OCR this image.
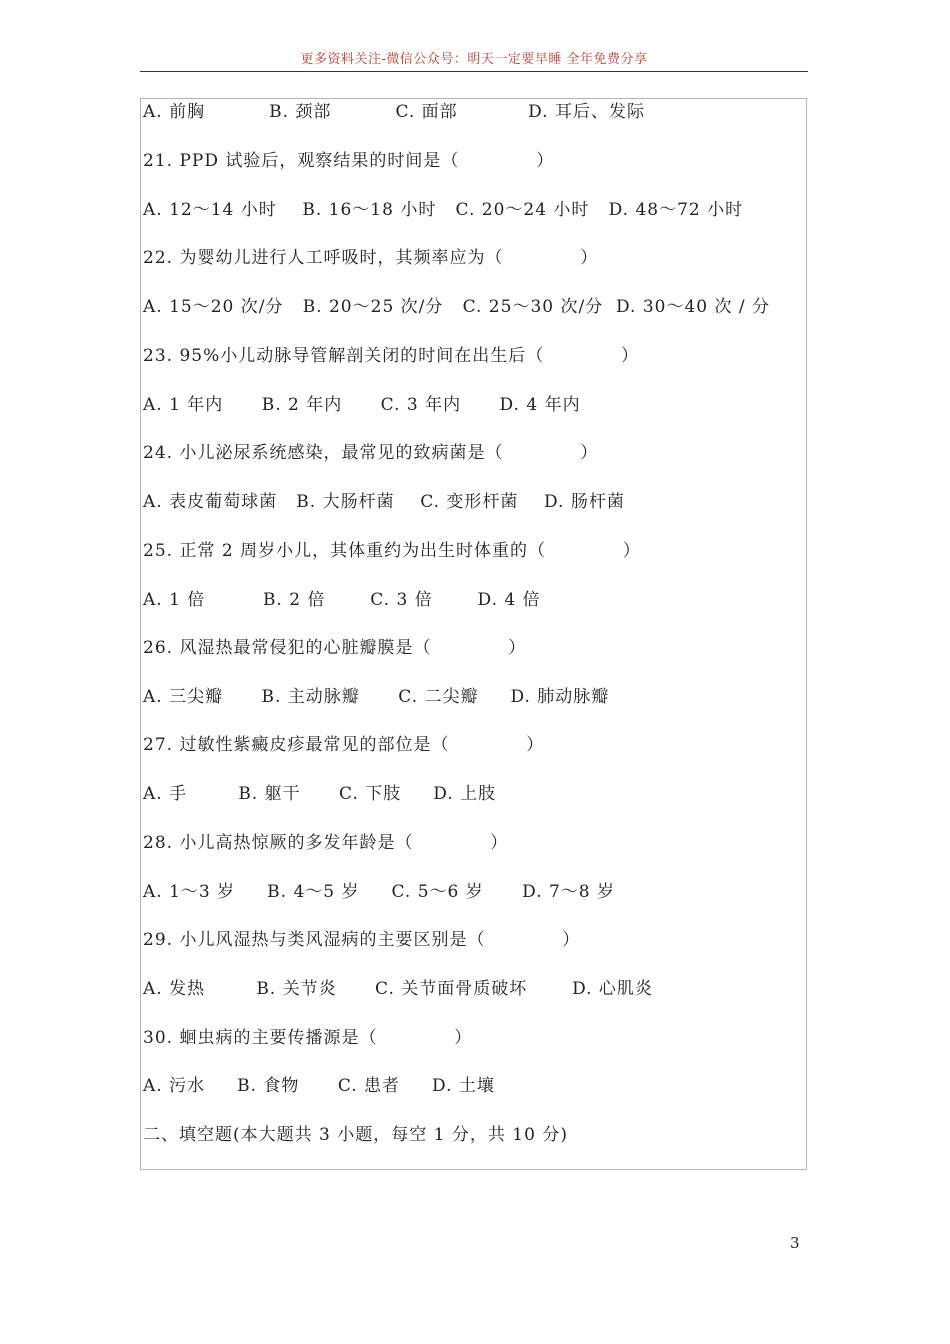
更多资料关注-微信公众号：明天一定要早睡 全年免费分享
A. 前胸          B. 颈部          C. 面部           D. 耳后、发际
21. PPD 试验后，观察结果的时间是（            ）
A. 12～14 小时    B. 16～18 小时   C. 20～24 小时   D. 48～72 小时
22. 为婴幼儿进行人工呼吸时，其频率应为（            ）
A. 15～20 次/分   B. 20～25 次/分   C. 25～30 次/分  D. 30～40 次 / 分
23. 95%小儿动脉导管解剖关闭的时间在出生后（            ）
A. 1 年内      B. 2 年内      C. 3 年内      D. 4 年内
24. 小儿泌尿系统感染，最常见的致病菌是（            ）
A. 表皮葡萄球菌   B. 大肠杆菌    C. 变形杆菌    D. 肠杆菌
25. 正常 2 周岁小儿，其体重约为出生时体重的（            ）
A. 1 倍         B. 2 倍       C. 3 倍       D. 4 倍
26. 风湿热最常侵犯的心脏瓣膜是（            ）
A. 三尖瓣      B. 主动脉瓣      C. 二尖瓣     D. 肺动脉瓣
27. 过敏性紫癜皮疹最常见的部位是（            ）
A. 手        B. 躯干      C. 下肢     D. 上肢
28. 小儿高热惊厥的多发年龄是（            ）
A. 1～3 岁     B. 4～5 岁     C. 5～6 岁      D. 7～8 岁
29. 小儿风湿热与类风湿病的主要区别是（            ）
A. 发热        B. 关节炎      C. 关节面骨质破坏       D. 心肌炎
30. 蛔虫病的主要传播源是（            ）
A. 污水     B. 食物      C. 患者     D. 土壤
二、填空题(本大题共 3 小题，每空 1 分，共 10 分)
3
